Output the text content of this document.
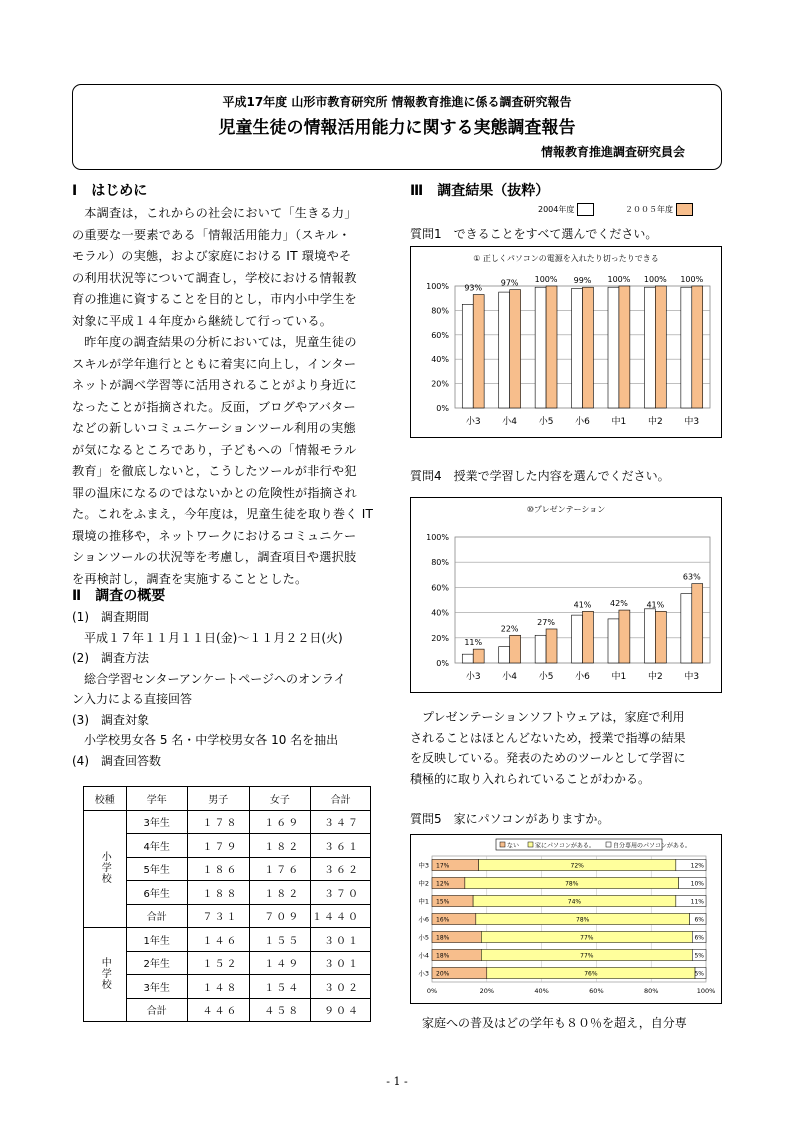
平成17年度 山形市教育研究所 情報教育推進に係る調査研究報告
児童生徒の情報活用能力に関する実態調査報告
情報教育推進調査研究員会
Ⅰ　はじめに
本調査は，これからの社会において「生きる力」
の重要な一要素である「情報活用能力」（スキル・
モラル）の実態，および家庭における IT 環境やそ
の利用状況等について調査し，学校における情報教
育の推進に資することを目的とし，市内小中学生を
対象に平成１４年度から継続して行っている。
昨年度の調査結果の分析においては，児童生徒の
スキルが学年進行とともに着実に向上し，インター
ネットが調べ学習等に活用されることがより身近に
なったことが指摘された。反面，ブログやアバター
などの新しいコミュニケーションツール利用の実態
が気になるところであり，子どもへの「情報モラル
教育」を徹底しないと，こうしたツールが非行や犯
罪の温床になるのではないかとの危険性が指摘され
た。これをふまえ，今年度は，児童生徒を取り巻く IT
環境の推移や，ネットワークにおけるコミュニケー
ションツールの状況等を考慮し，調査項目や選択肢
を再検討し，調査を実施することとした。
Ⅱ　調査の概要
(1)　調査期間
平成１７年１１月１１日(金)～１１月２２日(火)
(2)　調査方法
総合学習センターアンケートページへのオンライ
ン入力による直接回答
(3)　調査対象
小学校男女各 5 名・中学校男女各 10 名を抽出
(4)　調査回答数
校種	学年	男子	女子	合計
小学校	3年生	１７８	１６９	３４７
	4年生	１７９	１８２	３６１
	5年生	１８６	１７６	３６２
	6年生	１８８	１８２	３７０
	合計	７３１	７０９	１４４０
中学校	1年生	１４６	１５５	３０１
	2年生	１５２	１４９	３０１
	3年生	１４８	１５４	３０２
	合計	４４６	４５８	９０４
Ⅲ　調査結果（抜粋）
2004年度	２００５年度
質問1　できることをすべて選んでください。
① 正しくパソコンの電源を入れたり切ったりできる
0%
20%
40%
60%
80%
100% 93%
小3
97%
小4
100%
小5
99%
小6
100%
中1
100%
中2
100%
中3
質問4　授業で学習した内容を選んでください。
⑩プレゼンテーション
0%
20%
40%
60%
80%
100%
11%
小3
22%
小4
27%
小5
41%
小6
42%
中1
41%
中2
63%
中3
プレゼンテーションソフトウェアは，家庭で利用
されることはほとんどないため，授業で指導の結果
を反映している。発表のためのツールとして学習に
積極的に取り入れられていることがわかる。
質問5　家にパソコンがありますか。
ない	家にパソコンがある。	自分専用のパソコンがある。
0%	20%	40%	60%	80%	100%
中3 17%	72%	12%
中2 12%	78%	10%
中1 15%	74%	11%
小6 16%	78%	6%
小5 18%	77%	6%
小4 18%	77%	5%
小3 20%	76%	5%
家庭への普及はどの学年も８０％を超え，自分専
- 1 -
